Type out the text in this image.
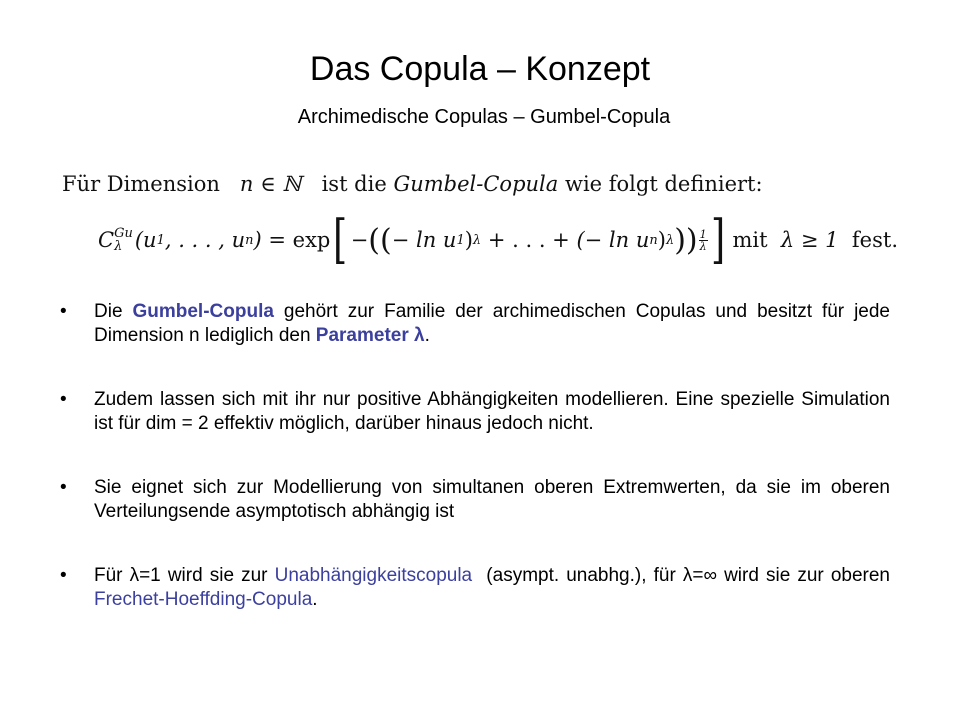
Das Copula – Konzept
Archimedische Copulas – Gumbel-Copula
Für Dimension n ∈ ℕ ist die Gumbel-Copula wie folgt definiert:
C Gu
λ (u 1 , . . . , u n )
= exp [ − (( − ln u 1 ) λ
+ . . . +
(− ln u n ) λ )) $\frac{1}{\lambda}$ ] mit
λ ≥ 1
fest.
• Die Gumbel-Copula gehört zur Familie der archimedischen Copulas und besitzt für jede Dimension n lediglich den Parameter λ.
• Zudem lassen sich mit ihr nur positive Abhängigkeiten modellieren. Eine spezielle Simulation ist für dim = 2 effektiv möglich, darüber hinaus jedoch nicht.
• Sie eignet sich zur Modellierung von simultanen oberen Extremwerten, da sie im oberen Verteilungsende asymptotisch abhängig ist
• Für λ=1 wird sie zur Unabhängigkeitscopula  (asympt. unabhg.), für λ=∞ wird sie zur oberen Frechet-Hoeffding-Copula.
